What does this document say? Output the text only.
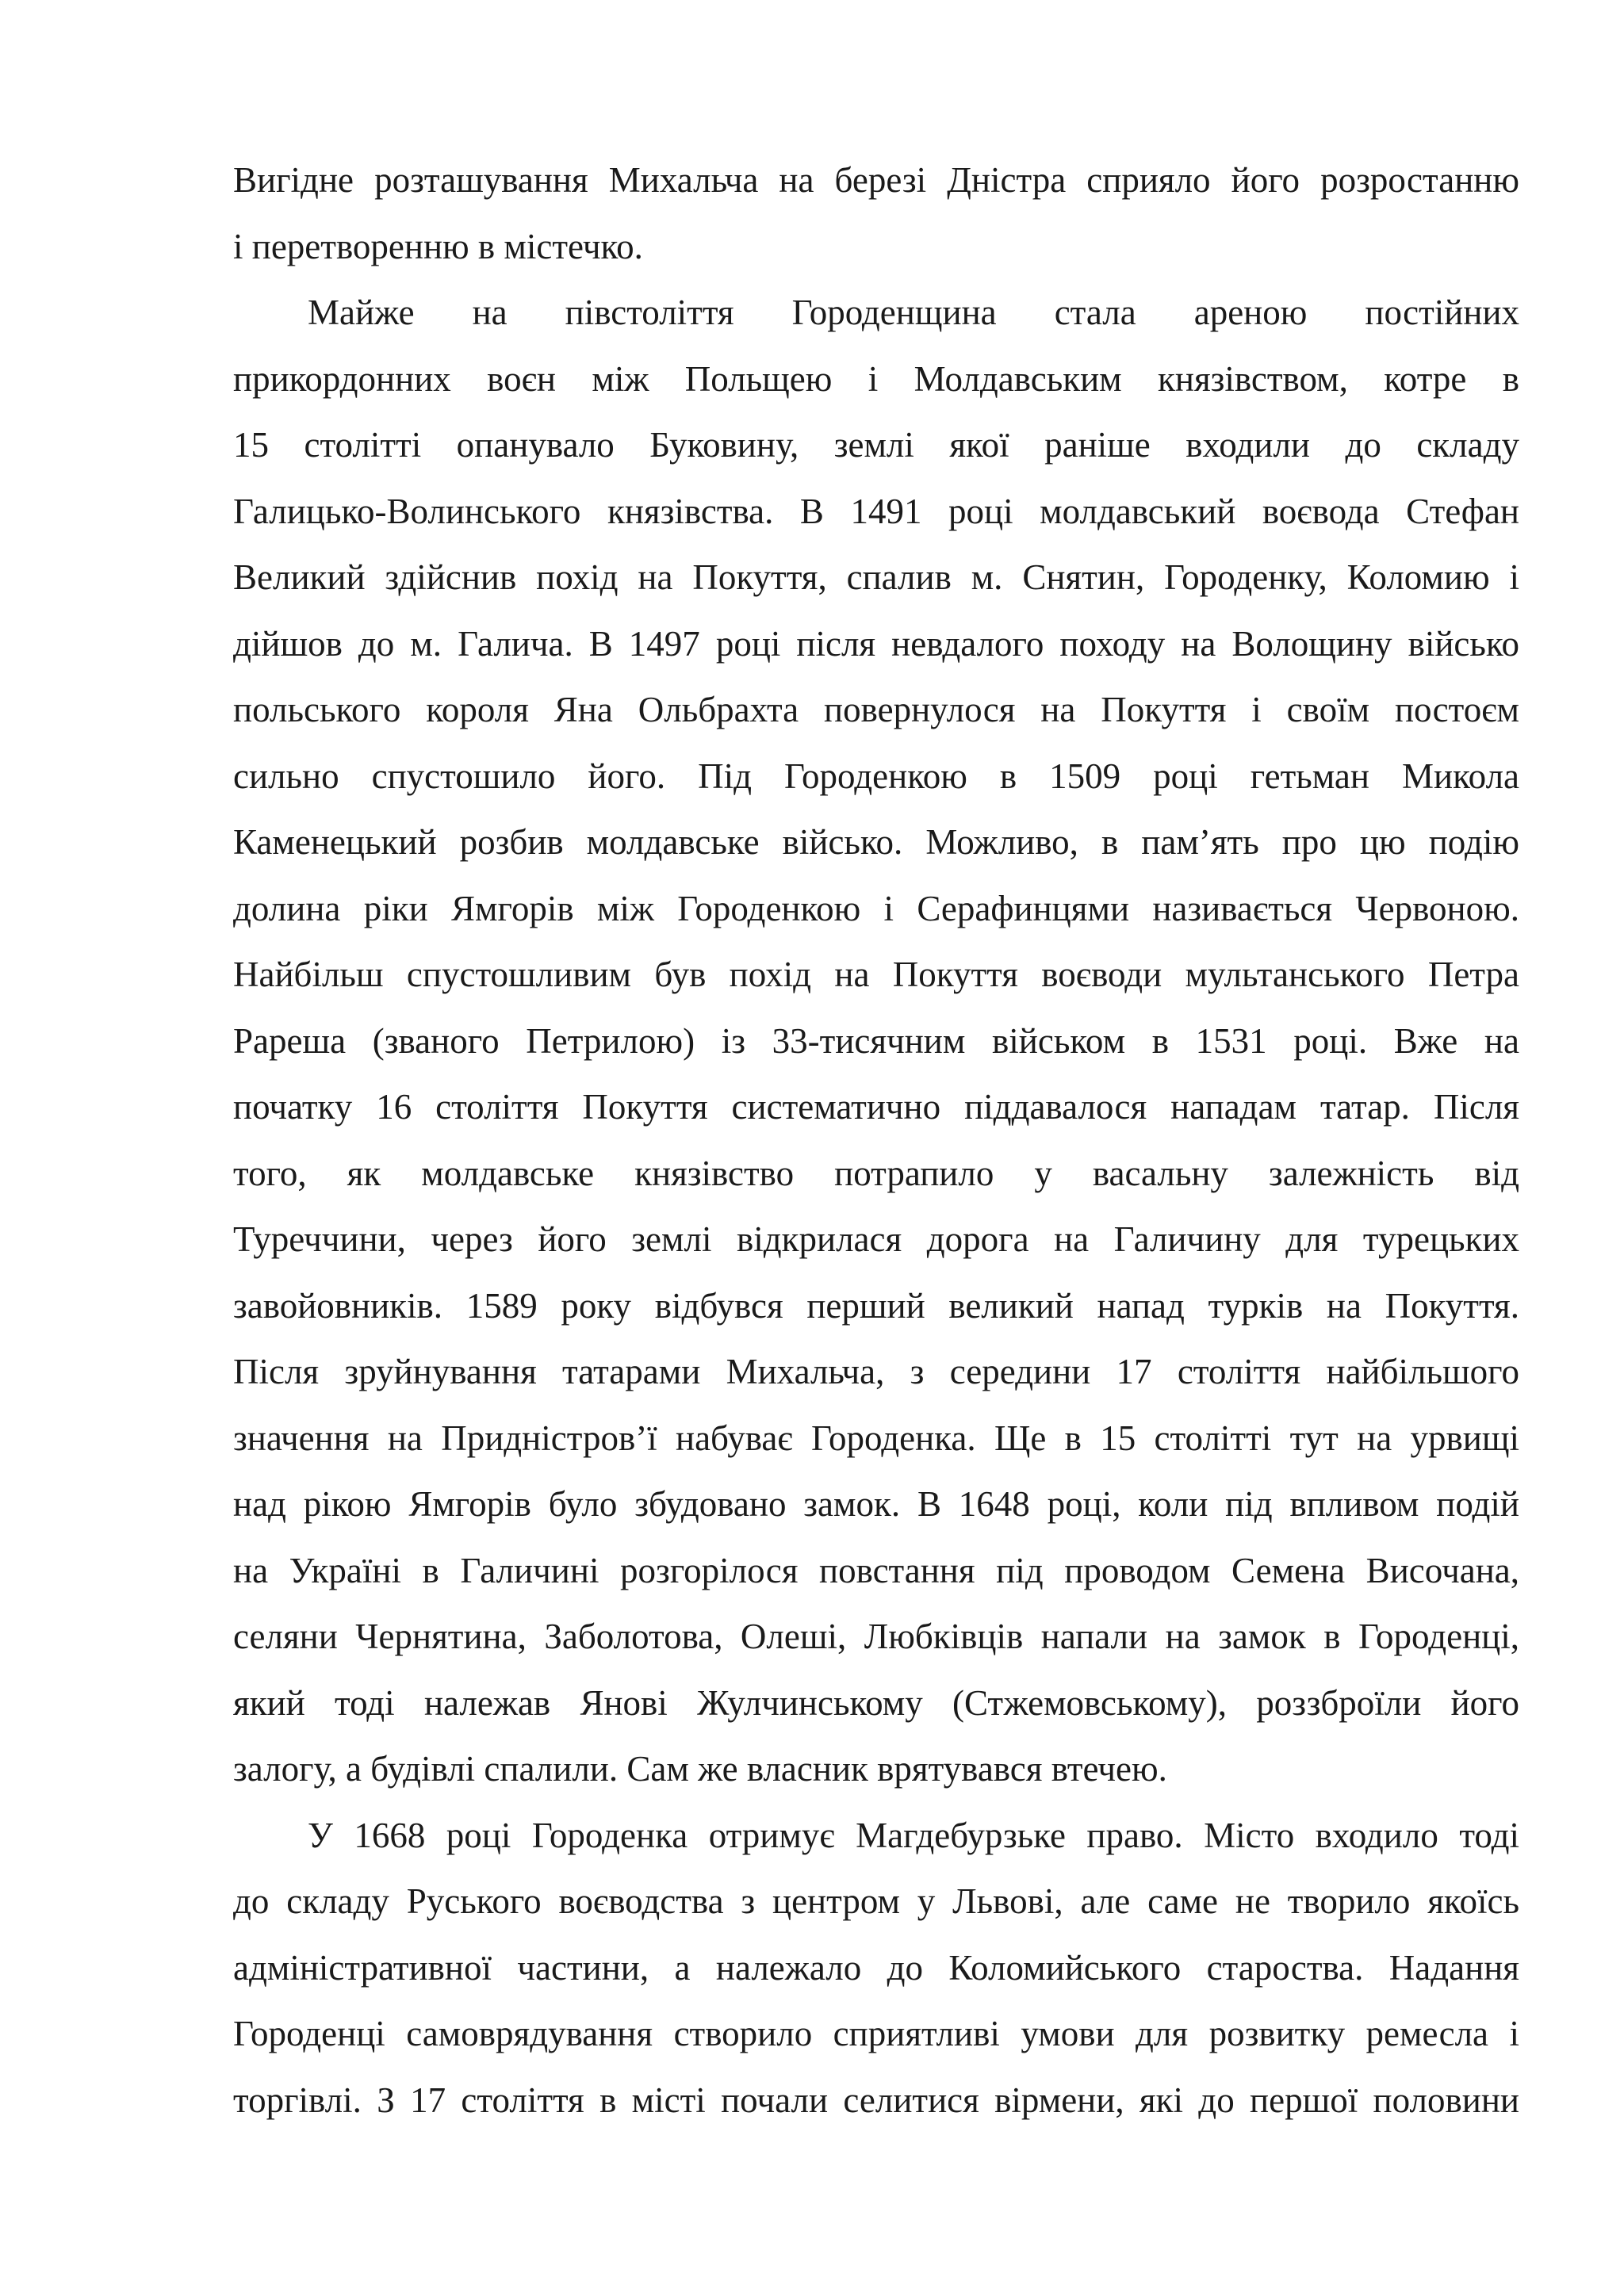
Вигідне розташування Михальча на березі Дністра сприяло його розростанню
і перетворенню в містечко.
Майже на півстоліття Городенщина стала ареною постійних
прикордонних воєн між Польщею і Молдавським князівством, котре в
15 столітті опанувало Буковину, землі якої раніше входили до складу
Галицько-Волинського князівства. В 1491 році молдавський воєвода Стефан
Великий здійснив похід на Покуття, спалив м. Снятин, Городенку, Коломию і
дійшов до м. Галича. В 1497 році після невдалого походу на Волощину військо
польського короля Яна Ольбрахта повернулося на Покуття і своїм постоєм
сильно спустошило його. Під Городенкою в 1509 році гетьман Микола
Каменецький розбив молдавське військо. Можливо, в пам’ять про цю подію
долина ріки Ямгорів між Городенкою і Серафинцями називається Червоною.
Найбільш спустошливим був похід на Покуття воєводи мультанського Петра
Рареша (званого Петрилою) із 33-тисячним військом в 1531 році. Вже на
початку 16 століття Покуття систематично піддавалося нападам татар. Після
того, як молдавське князівство потрапило у васальну залежність від
Туреччини, через його землі відкрилася дорога на Галичину для турецьких
завойовників. 1589 року відбувся перший великий напад турків на Покуття.
Після зруйнування татарами Михальча, з середини 17 століття найбільшого
значення на Придністров’ї набуває Городенка. Ще в 15 столітті тут на урвищі
над рікою Ямгорів було збудовано замок. В 1648 році, коли під впливом подій
на Україні в Галичині розгорілося повстання під проводом Семена Височана,
селяни Чернятина, Заболотова, Олеші, Любківців напали на замок в Городенці,
який тоді належав Янові Жулчинському (Стжемовському), роззброїли його
залогу, а будівлі спалили. Сам же власник врятувався втечею.
У 1668 році Городенка отримує Магдебурзьке право. Місто входило тоді
до складу Руського воєводства з центром у Львові, але саме не творило якоїсь
адміністративної частини, а належало до Коломийського староства. Надання
Городенці самоврядування створило сприятливі умови для розвитку ремесла і
торгівлі. З 17 століття в місті почали селитися вірмени, які до першої половини
